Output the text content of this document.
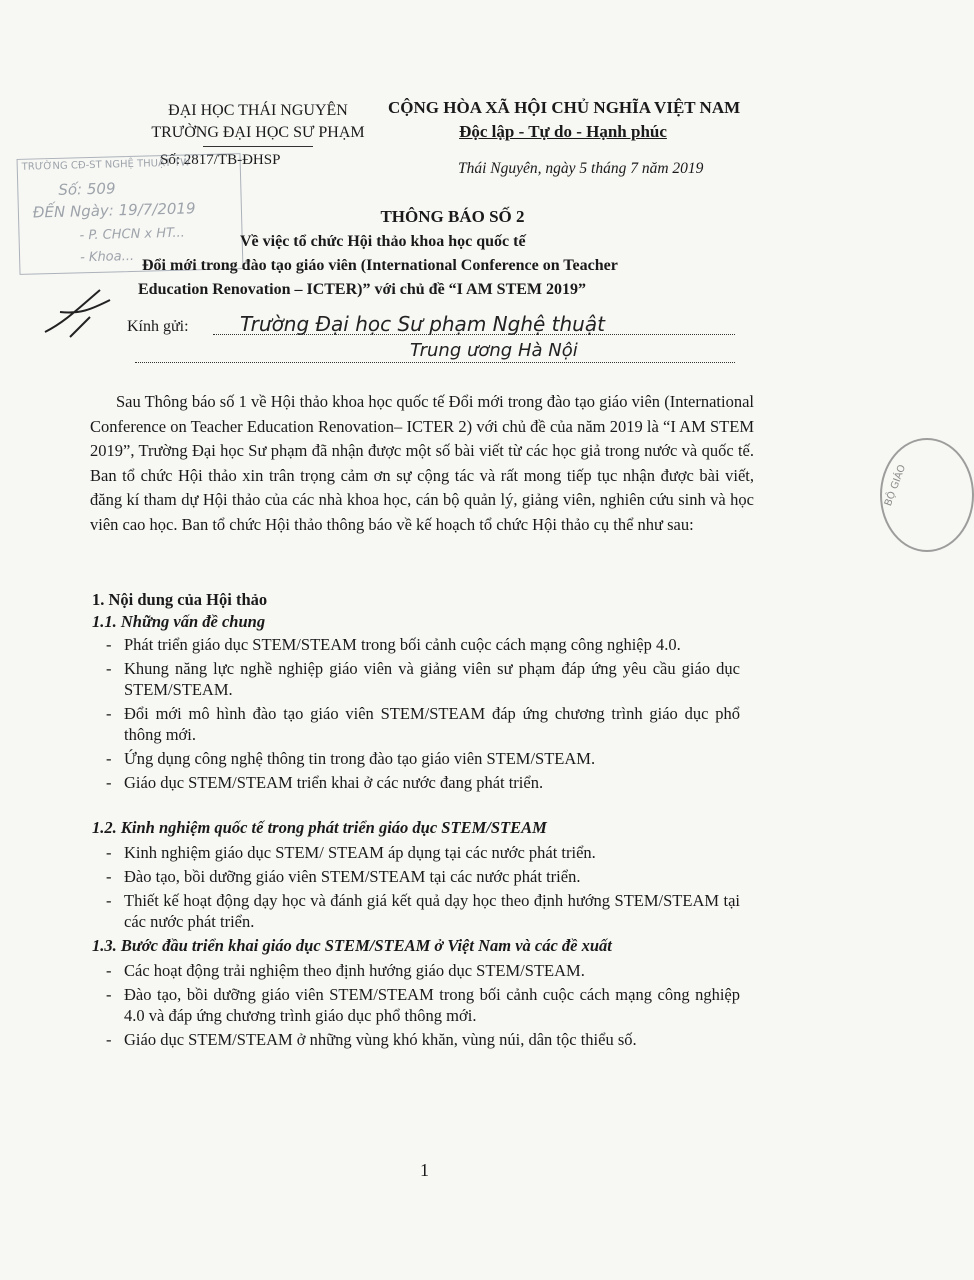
ĐẠI HỌC THÁI NGUYÊN
TRƯỜNG ĐẠI HỌC SƯ PHẠM
CỘNG HÒA XÃ HỘI CHỦ NGHĨA VIỆT NAM
Độc lập - Tự do - Hạnh phúc
Số: 2817/TB-ĐHSP	Thái Nguyên, ngày 5 tháng 7 năm 2019
TRƯỜNG CĐ-ST NGHỆ THUẬT TW
Số: 509
ĐẾN Ngày: 19/7/2019
- P. CHCN x HT...
- Khoa...
THÔNG BÁO SỐ 2
Về việc tổ chức Hội thảo khoa học quốc tế
Đổi mới trong đào tạo giáo viên (International Conference on Teacher
Education Renovation – ICTER)” với chủ đề “I AM STEM 2019”
Kính gửi:	Trường Đại học Sư phạm Nghệ thuật
Trung ương Hà Nội

Sau Thông báo số 1 về Hội thảo khoa học quốc tế Đổi mới trong đào tạo giáo viên (International Conference on Teacher Education Renovation– ICTER 2) với chủ đề của năm 2019 là “I AM STEM 2019”, Trường Đại học Sư phạm đã nhận được một số bài viết từ các học giả trong nước và quốc tế. Ban tổ chức Hội thảo xin trân trọng cảm ơn sự cộng tác và rất mong tiếp tục nhận được bài viết, đăng kí tham dự Hội thảo của các nhà khoa học, cán bộ quản lý, giảng viên, nghiên cứu sinh và học viên cao học. Ban tổ chức Hội thảo thông báo về kế hoạch tổ chức Hội thảo cụ thể như sau:

1. Nội dung của Hội thảo
1.1. Những vấn đề chung
- Phát triển giáo dục STEM/STEAM trong bối cảnh cuộc cách mạng công nghiệp 4.0.
- Khung năng lực nghề nghiệp giáo viên và giảng viên sư phạm đáp ứng yêu cầu giáo dục STEM/STEAM.
- Đổi mới mô hình đào tạo giáo viên STEM/STEAM đáp ứng chương trình giáo dục phổ thông mới.
- Ứng dụng công nghệ thông tin trong đào tạo giáo viên STEM/STEAM.
- Giáo dục STEM/STEAM triển khai ở các nước đang phát triển.
1.2. Kinh nghiệm quốc tế trong phát triển giáo dục STEM/STEAM
- Kinh nghiệm giáo dục STEM/ STEAM áp dụng tại các nước phát triển.
- Đào tạo, bồi dưỡng giáo viên STEM/STEAM tại các nước phát triển.
- Thiết kế hoạt động dạy học và đánh giá kết quả dạy học theo định hướng STEM/STEAM tại các nước phát triển.
1.3. Bước đầu triển khai giáo dục STEM/STEAM ở Việt Nam và các đề xuất
- Các hoạt động trải nghiệm theo định hướng giáo dục STEM/STEAM.
- Đào tạo, bồi dưỡng giáo viên STEM/STEAM trong bối cảnh cuộc cách mạng công nghiệp 4.0 và đáp ứng chương trình giáo dục phổ thông mới.
- Giáo dục STEM/STEAM ở những vùng khó khăn, vùng núi, dân tộc thiểu số.
BỘ GIÁO
1
